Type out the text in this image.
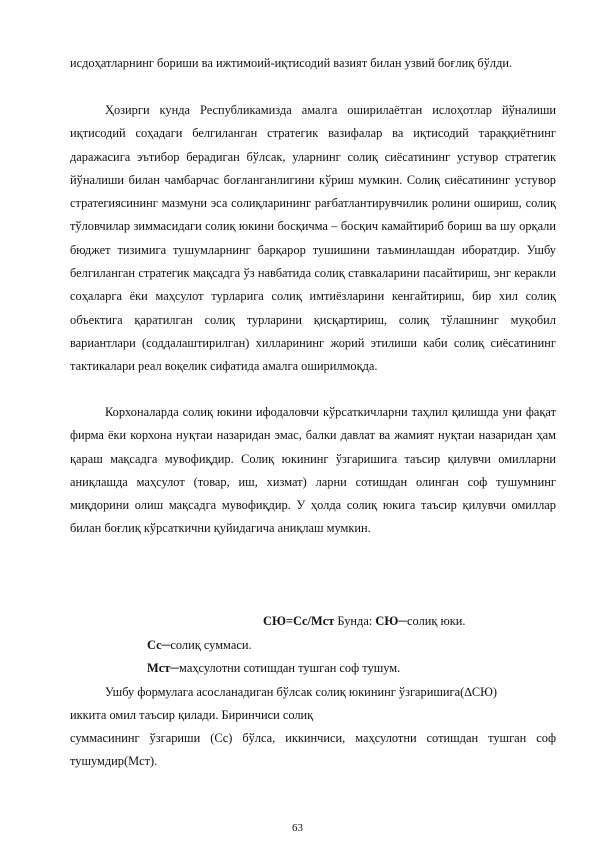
исдоҳатларнинг бориши ва ижтимоий-иқтисодий вазият билан узвий боғлиқ бўлди.

Ҳозирги кунда Республикамизда амалга оширилаётган ислоҳотлар йўналиши иқтисодий соҳадаги белгиланган стратегик вазифалар ва иқтисодий тараққиётнинг даражасига эътибор берадиган бўлсак, уларнинг солиқ сиёсатининг устувор стратегик йўналиши билан чамбарчас боғланганлигини кўриш мумкин. Солиқ сиёсатининг устувор стратегиясининг мазмуни эса солиқларининг рағбатлантирувчилик ролини ошириш, солиқ тўловчилар зиммасидаги солиқ юкини босқичма – босқич камайтириб бориш ва шу орқали бюджет тизимига тушумларнинг барқарор тушишини таъминлашдан иборатдир. Ушбу белгиланган стратегик мақсадга ўз навбатида солиқ ставкаларини пасайтириш, энг керакли соҳаларга ёки маҳсулот турларига солиқ имтиёзларини кенгайтириш, бир хил солиқ объектига қаратилган солиқ турларини қисқартириш, солиқ тўлашнинг муқобил вариантлари (соддалаштирилган) хилларининг жорий этилиши каби солиқ сиёсатининг тактикалари реал воқелик сифатида амалга оширилмоқда.

Корхоналарда солиқ юкини ифодаловчи кўрсаткичларни таҳлил қилишда уни фақат фирма ёки корхона нуқтаи назаридан эмас, балки давлат ва жамият нуқтаи назаридан ҳам қараш мақсадга мувофиқдир. Солиқ юкининг ўзгаришига таъсир қилувчи омилларни аниқлашда маҳсулот (товар, иш, хизмат) ларни сотишдан олинган соф тушумнинг миқдорини олиш мақсадга мувофиқдир. У ҳолда солиқ юкига таъсир қилувчи омиллар билан боғлиқ кўрсаткични қуйидагича аниқлаш мумкин.

СЮ=Сс/Мст Бунда: СЮ─солиқ юки.

Сс─солиқ суммаси.

Мст─маҳсулотни сотишдан тушган соф тушум.

Ушбу формулага асосланадиган бўлсак солиқ юкининг ўзгаришига(∆СЮ)

иккита омил таъсир қилади. Биринчиси солиқ

суммасининг ўзгариши (Сс) бўлса, иккинчиси, маҳсулотни сотишдан тушган соф тушумдир(Мст).

63
